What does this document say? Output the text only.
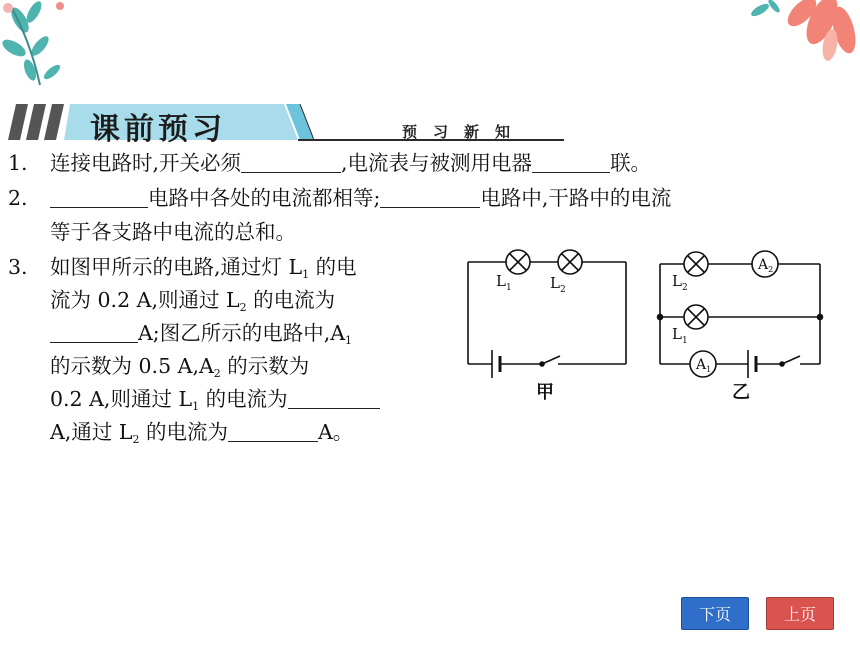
课前预习	预习新知
1. 连接电路时,开关必须	,电流表与被测用电器	联。
2.	电路中各处的电流都相等;	电路中,干路中的电流
等于各支路中电流的总和。
3. 如图甲所示的电路,通过灯 $L_1$ 的电
流为 0.2 A,则通过 $L_2$ 的电流为
A;图乙所示的电路中$,A_1$
的示数为 0.5 $A,A_2$ 的示数为
0.2 A,则通过 $L_1$ 的电流为
A,通过 $L_2$ 的电流为	A。
$L_1$	$L_2$
甲
$L_2$
$L_1$
$A_2$
$A_1$
乙
下页	上页
